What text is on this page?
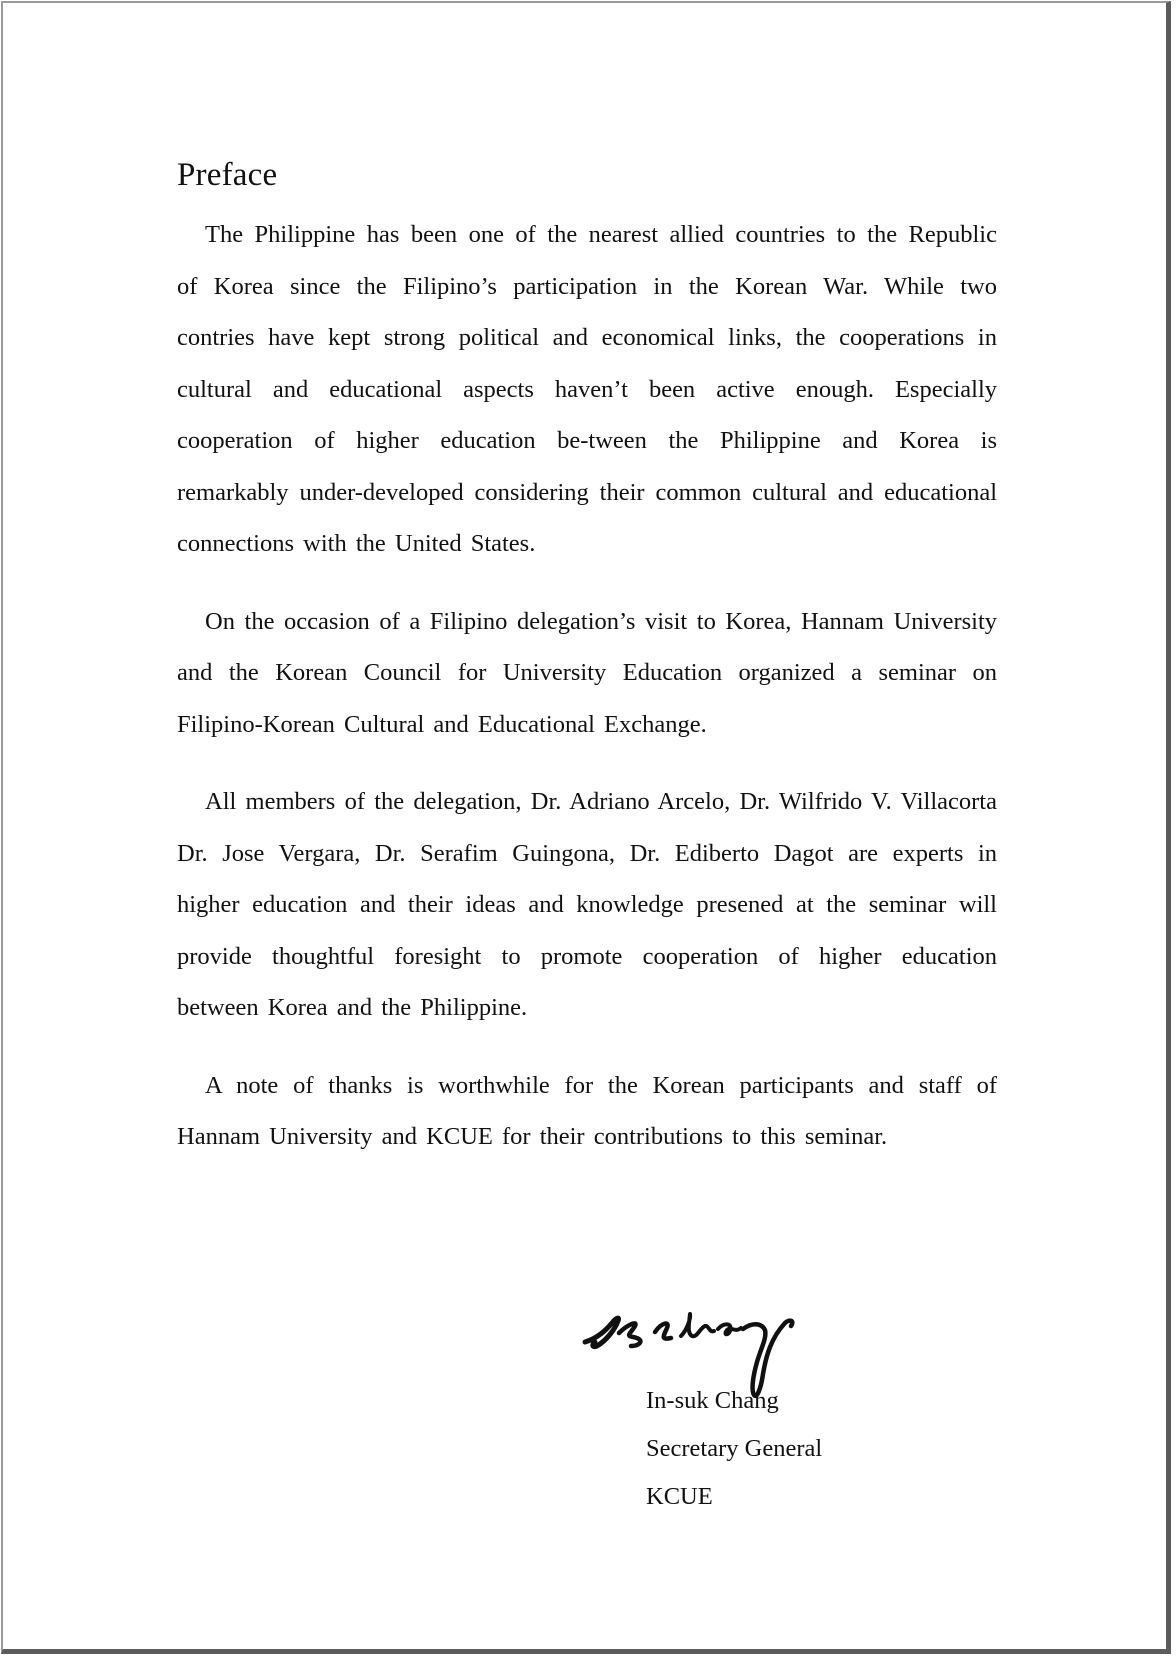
Preface

The Philippine has been one of the nearest allied countries to the Republic of Korea since the Filipino’s participation in the Korean War. While two contries have kept strong political and economical links, the cooperations in cultural and educational aspects haven’t been active enough. Especially cooperation of higher education be-tween the Philippine and Korea is remarkably under-developed considering their common cultural and educational connections with the United States.

On the occasion of a Filipino delegation’s visit to Korea, Hannam University and the Korean Council for University Education organized a seminar on Filipino-Korean Cultural and Educational Exchange.

All members of the delegation, Dr. Adriano Arcelo, Dr. Wilfrido V. Villacorta Dr. Jose Vergara, Dr. Serafim Guingona, Dr. Ediberto Dagot are experts in higher education and their ideas and knowledge presened at the seminar will provide thoughtful foresight to promote cooperation of higher education between Korea and the Philippine.

A note of thanks is worthwhile for the Korean participants and staff of Hannam University and KCUE for their contributions to this seminar.

In-suk Chang
Secretary General
KCUE
